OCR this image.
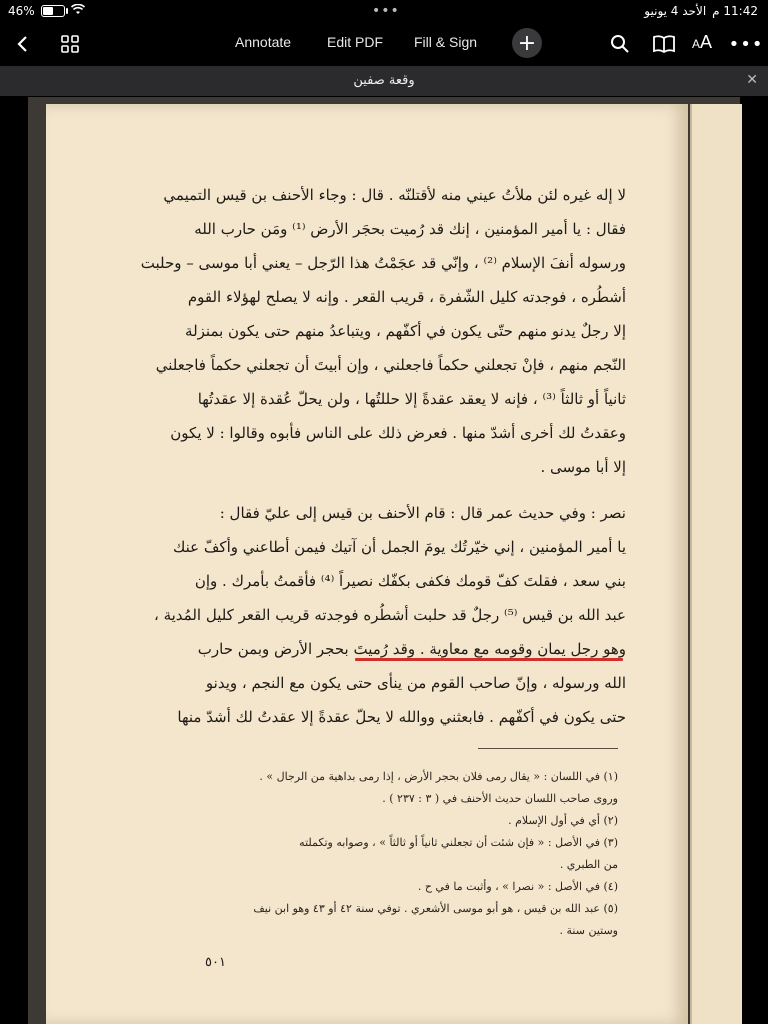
46%	•••	11:42 م
الأحد 4 يونيو
Annotate	Edit PDF Fill & Sign +	AA •••
وقعة صفين	✕
لا إله غيره لئن ملأتُ عيني منه لأقتلنّه . قال : وجاء الأحنف بن قيس التميمي
فقال : يا أمير المؤمنين ، إنك قد رُميت بحجَر الأرض ⁽¹⁾ ومَن حارب الله
ورسوله أنفَ الإسلام ⁽²⁾ ، وإنّي قد عجَمْتُ هذا الرّجل – يعني أبا موسى – وحلبت
أشطُره ، فوجدته كليل الشّفرة ، قريب القعر . وإنه لا يصلح لهؤلاء القوم
إلا رجلٌ يدنو منهم حتّى يكون في أكفّهم ، ويتباعدُ منهم حتى يكون بمنزلة
النّجم منهم ، فإنْ تجعلني حكماً فاجعلني ، وإن أبيتَ أن تجعلني حكماً فاجعلني
ثانياً أو ثالثاً ⁽³⁾ ، فإنه لا يعقد عقدةً إلا حللتُها ، ولن يحلّ عُقدة إلا عقدتُها
وعقدتُ لك أخرى أشدّ منها . فعرض ذلك على الناس فأبوه وقالوا : لا يكون
إلا أبا موسى .
نصر : وفي حديث عمر قال : قام الأحنف بن قيس إلى عليّ فقال :
يا أمير المؤمنين ، إني خيّرتُك يومَ الجمل أن آتيك فيمن أطاعني وأكفّ عنك
بني سعد ، فقلتَ كفّ قومك فكفى بكفّك نصيراً ⁽⁴⁾ فأقمتُ بأمرك . وإن
عبد الله بن قيس ⁽⁵⁾ رجلٌ قد حلبت أشطُره فوجدته قريب القعر كليل المُدية ،
وهو رجل يمانٍ وقومه مع معاوية . وقد رُميتَ بحجر الأرض وبمن حارب
الله ورسوله ، وإنّ صاحب القوم من ينأى حتى يكون مع النجم ، ويدنو
حتى يكون في أكفّهم . فابعثني ووالله لا يحلّ عقدةً إلا عقدتُ لك أشدّ منها
(١) في اللسان : « يقال رمى فلان بحجر الأرض ، إذا رمى بداهية من الرجال » .
وروى صاحب اللسان حديث الأحنف في ( ٣ : ٢٣٧ ) .
(٢) أي في أول الإسلام .
(٣) في الأصل : « فإن شئت أن تجعلني ثانياً أو ثالثاً » ، وصوابه وتكملته
من الطبري .
(٤) في الأصل : « نصرا » ، وأثبت ما في ح .
(٥) عبد الله بن قيس ، هو أبو موسى الأشعري . توفي سنة ٤٢ أو ٤٣ وهو ابن نيف
وستين سنة .
٥٠١
